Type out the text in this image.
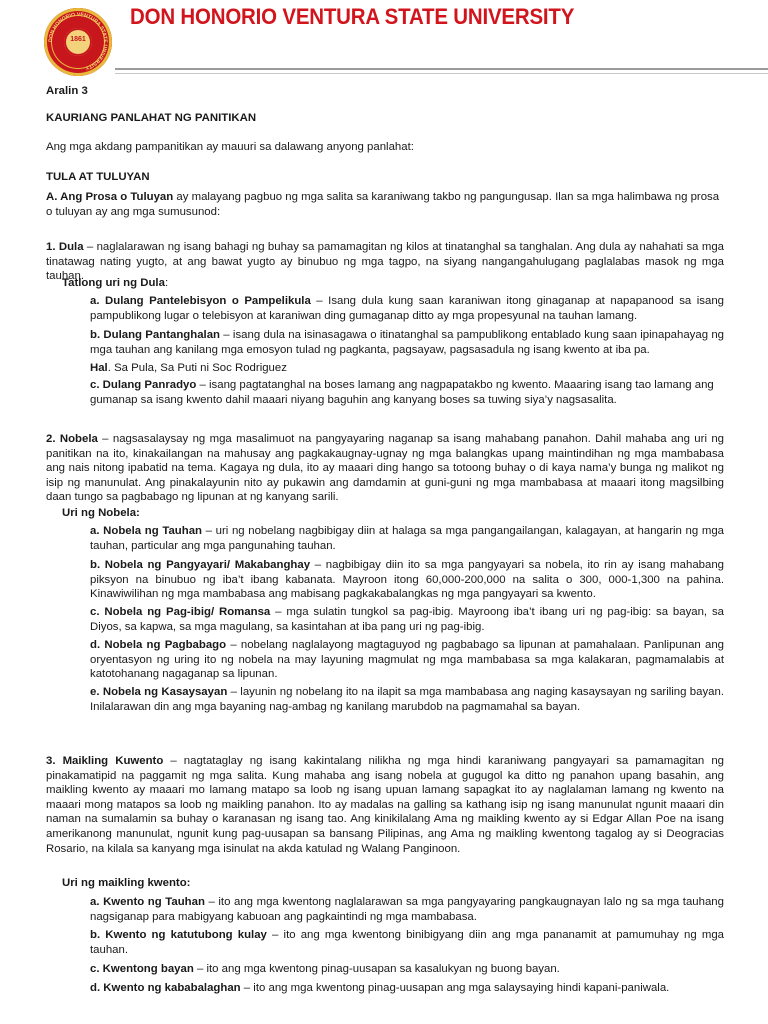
DON HONORIO VENTURA STATE UNIVERSITY
1861
DON HONORIO VENTURA STATE UNIVERSITY

Aralin 3

KAURIANG PANLAHAT NG PANITIKAN

Ang mga akdang pampanitikan ay mauuri sa dalawang anyong panlahat:

TULA AT TULUYAN

A. Ang Prosa o Tuluyan ay malayang pagbuo ng mga salita sa karaniwang takbo ng pangungusap. Ilan sa mga halimbawa ng prosa o tuluyan ay ang mga sumusunod:

1. Dula – naglalarawan ng isang bahagi ng buhay sa pamamagitan ng kilos at tinatanghal sa tanghalan. Ang dula ay nahahati sa mga tinatawag nating yugto, at ang bawat yugto ay binubuo ng mga tagpo, na siyang nangangahulugang paglalabas masok ng mga tauhan.

Tatlong uri ng Dula:

a. Dulang Pantelebisyon o Pampelikula – Isang dula kung saan karaniwan itong ginaganap at napapanood sa isang pampublikong lugar o telebisyon at karaniwan ding gumaganap ditto ay mga propesyunal na tauhan lamang.

b. Dulang Pantanghalan – isang dula na isinasagawa o itinatanghal sa pampublikong entablado kung saan ipinapahayag ng mga tauhan ang kanilang mga emosyon tulad ng pagkanta, pagsayaw, pagsasadula ng isang kwento at iba pa.

Hal. Sa Pula, Sa Puti ni Soc Rodriguez

c. Dulang Panradyo – isang pagtatanghal na boses lamang ang nagpapatakbo ng kwento. Maaaring isang tao lamang ang gumanap sa isang kwento dahil maaari niyang baguhin ang kanyang boses sa tuwing siya’y nagsasalita.

2. Nobela – nagsasalaysay ng mga masalimuot na pangyayaring naganap sa isang mahabang panahon. Dahil mahaba ang uri ng panitikan na ito, kinakailangan na mahusay ang pagkakaugnay-ugnay ng mga balangkas upang maintindihan ng mga mambabasa ang nais nitong ipabatid na tema. Kagaya ng dula, ito ay maaari ding hango sa totoong buhay o di kaya nama’y bunga ng malikot ng isip ng manunulat. Ang pinakalayunin nito ay pukawin ang damdamin at guni-guni ng mga mambabasa at maaari itong magsilbing daan tungo sa pagbabago ng lipunan at ng kanyang sarili.

Uri ng Nobela:

a. Nobela ng Tauhan – uri ng nobelang nagbibigay diin at halaga sa mga pangangailangan, kalagayan, at hangarin ng mga tauhan, particular ang mga pangunahing tauhan.

b. Nobela ng Pangyayari/ Makabanghay – nagbibigay diin ito sa mga pangyayari sa nobela, ito rin ay isang mahabang piksyon na binubuo ng iba’t ibang kabanata. Mayroon itong 60,000-200,000 na salita o 300, 000-1,300 na pahina. Kinawiwilihan ng mga mambabasa ang mabisang pagkakabalangkas ng mga pangyayari sa kwento.

c. Nobela ng Pag-ibig/ Romansa – mga sulatin tungkol sa pag-ibig. Mayroong iba’t ibang uri ng pag-ibig: sa bayan, sa Diyos, sa kapwa, sa mga magulang, sa kasintahan at iba pang uri ng pag-ibig.

d. Nobela ng Pagbabago – nobelang naglalayong magtaguyod ng pagbabago sa lipunan at pamahalaan. Panlipunan ang oryentasyon ng uring ito ng nobela na may layuning magmulat ng mga mambabasa sa mga kalakaran, pagmamalabis at katotohanang nagaganap sa lipunan.

e. Nobela ng Kasaysayan – layunin ng nobelang ito na ilapit sa mga mambabasa ang naging kasaysayan ng sariling bayan. Inilalarawan din ang mga bayaning nag-ambag ng kanilang marubdob na pagmamahal sa bayan.

3. Maikling Kuwento – nagtataglay ng isang kakintalang nilikha ng mga hindi karaniwang pangyayari sa pamamagitan ng pinakamatipid na paggamit ng mga salita. Kung mahaba ang isang nobela at gugugol ka ditto ng panahon upang basahin, ang maikling kwento ay maaari mo lamang matapo sa loob ng isang upuan lamang sapagkat ito ay naglalaman lamang ng kwento na maaari mong matapos sa loob ng maikling panahon. Ito ay madalas na galling sa kathang isip ng isang manunulat ngunit maaari din naman na sumalamin sa buhay o karanasan ng isang tao. Ang kinikilalang Ama ng maikling kwento ay si Edgar Allan Poe na isang amerikanong manunulat, ngunit kung pag-uusapan sa bansang Pilipinas, ang Ama ng maikling kwentong tagalog ay si Deogracias Rosario, na kilala sa kanyang mga isinulat na akda katulad ng Walang Panginoon.

Uri ng maikling kwento:

a. Kwento ng Tauhan – ito ang mga kwentong naglalarawan sa mga pangyayaring pangkaugnayan lalo ng sa mga tauhang nagsiganap para mabigyang kabuoan ang pagkaintindi ng mga mambabasa.

b. Kwento ng katutubong kulay – ito ang mga kwentong binibigyang diin ang mga pananamit at pamumuhay ng mga tauhan.

c. Kwentong bayan – ito ang mga kwentong pinag-uusapan sa kasalukyan ng buong bayan.

d. Kwento ng kababalaghan – ito ang mga kwentong pinag-uusapan ang mga salaysaying hindi kapani-paniwala.
